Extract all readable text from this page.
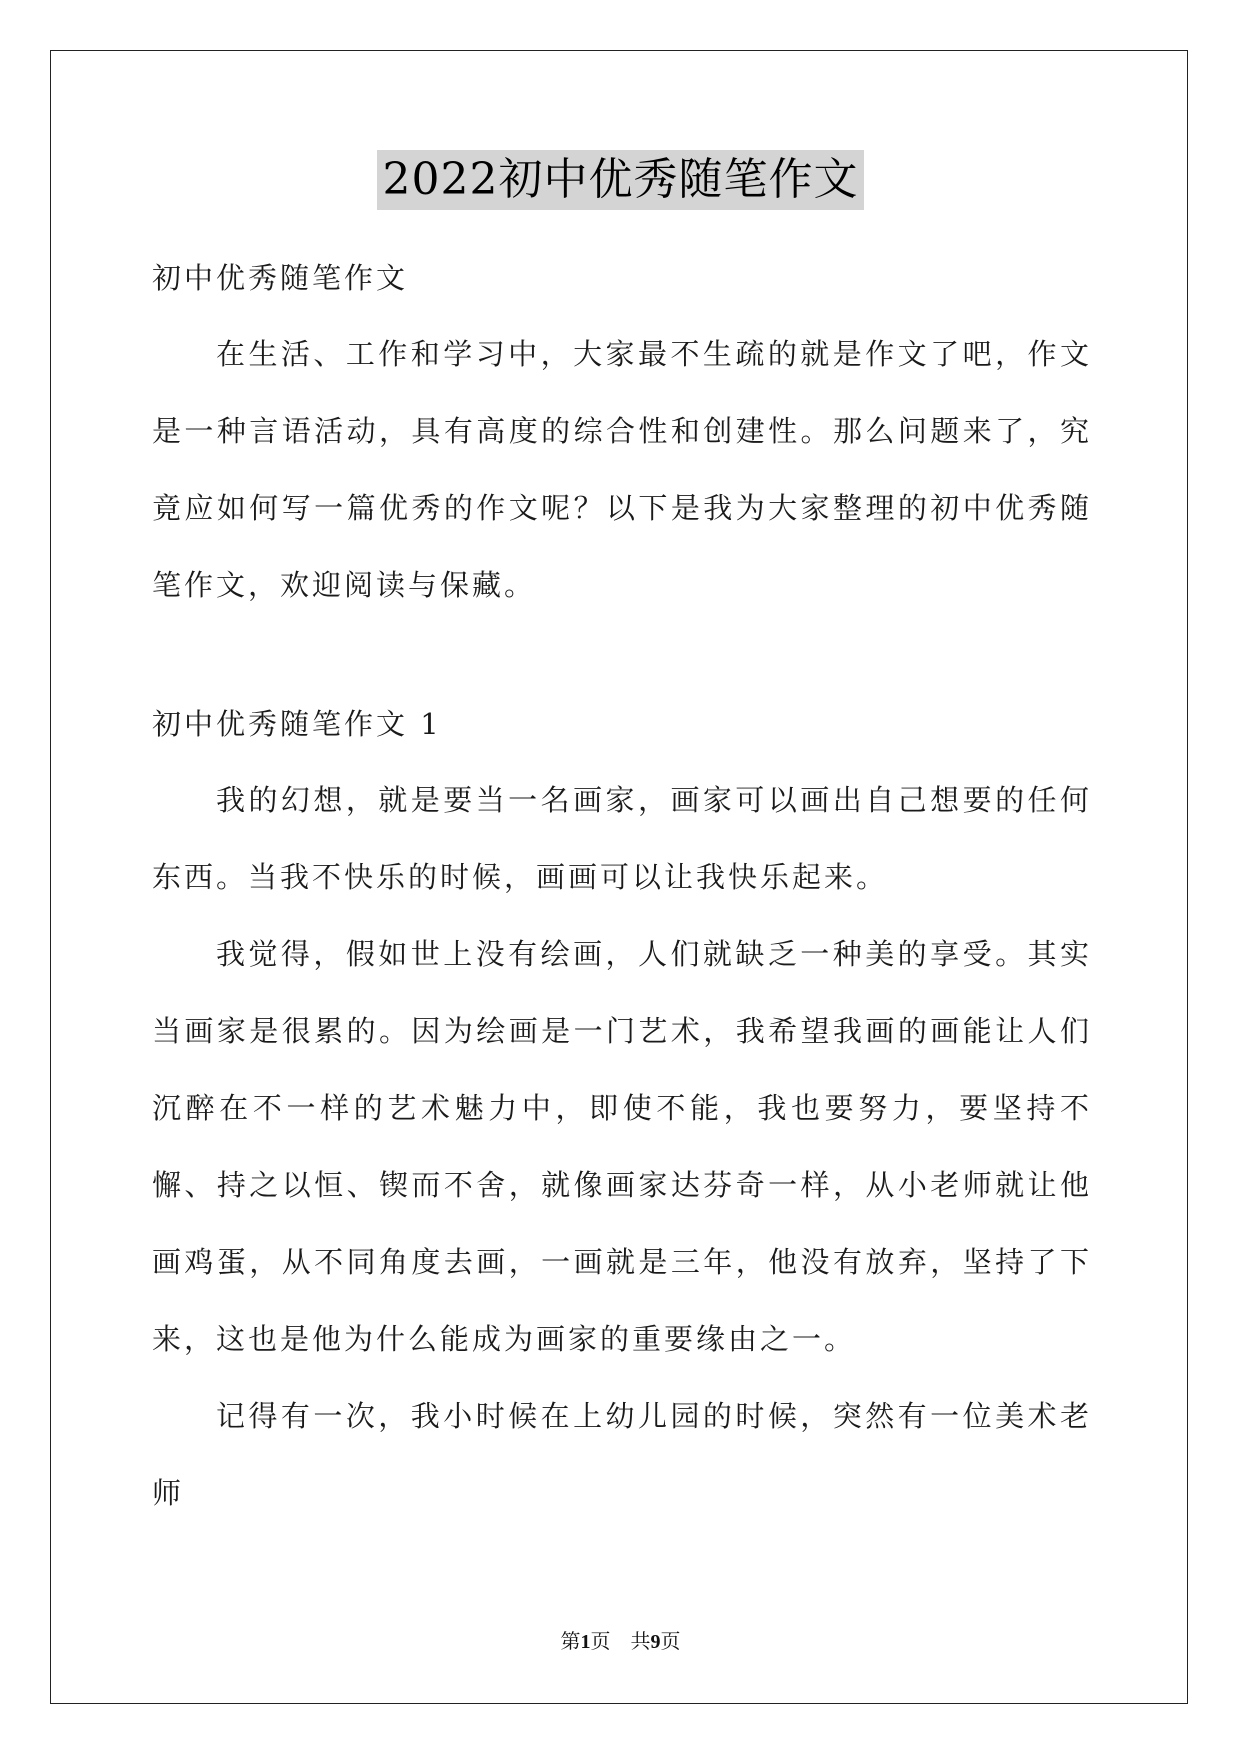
2022初中优秀随笔作文

初中优秀随笔作文

在生活、工作和学习中，大家最不生疏的就是作文了吧，作文是一种言语活动，具有高度的综合性和创建性。那么问题来了，究竟应如何写一篇优秀的作文呢？以下是我为大家整理的初中优秀随笔作文，欢迎阅读与保藏。

初中优秀随笔作文 1

我的幻想，就是要当一名画家，画家可以画出自己想要的任何东西。当我不快乐的时候，画画可以让我快乐起来。

我觉得，假如世上没有绘画，人们就缺乏一种美的享受。其实当画家是很累的。因为绘画是一门艺术，我希望我画的画能让人们沉醉在不一样的艺术魅力中，即使不能，我也要努力，要坚持不懈、持之以恒、锲而不舍，就像画家达芬奇一样，从小老师就让他画鸡蛋，从不同角度去画，一画就是三年，他没有放弃，坚持了下来，这也是他为什么能成为画家的重要缘由之一。

记得有一次，我小时候在上幼儿园的时候，突然有一位美术老师

第1页　共9页
